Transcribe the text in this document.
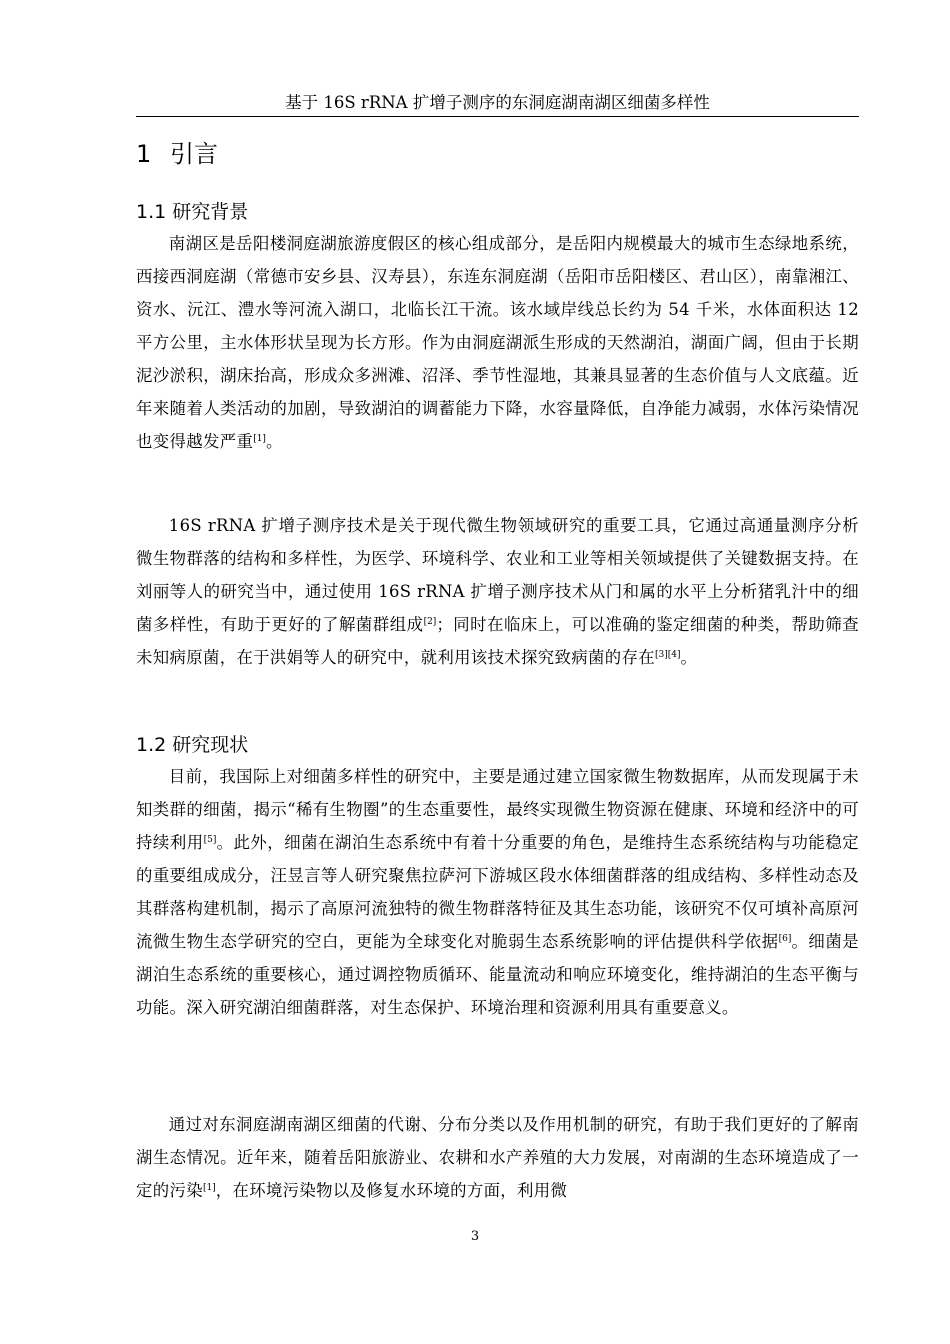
基于 16S rRNA 扩增子测序的东洞庭湖南湖区细菌多样性
1 引言
1.1 研究背景

南湖区是岳阳楼洞庭湖旅游度假区的核心组成部分，是岳阳内规模最大的城市生态绿地系统，西接西洞庭湖（常德市安乡县、汉寿县），东连东洞庭湖（岳阳市岳阳楼区、君山区），南靠湘江、资水、沅江、澧水等河流入湖口，北临长江干流。该水域岸线总长约为 54 千米，水体面积达 12 平方公里，主水体形状呈现为长方形。作为由洞庭湖派生形成的天然湖泊，湖面广阔，但由于长期泥沙淤积，湖床抬高，形成众多洲滩、沼泽、季节性湿地，其兼具显著的生态价值与人文底蕴。近年来随着人类活动的加剧，导致湖泊的调蓄能力下降，水容量降低，自净能力减弱，水体污染情况也变得越发严重[1]。

16S rRNA 扩增子测序技术是关于现代微生物领域研究的重要工具，它通过高通量测序分析微生物群落的结构和多样性，为医学、环境科学、农业和工业等相关领域提供了关键数据支持。在刘丽等人的研究当中，通过使用 16S rRNA 扩增子测序技术从门和属的水平上分析猪乳汁中的细菌多样性，有助于更好的了解菌群组成[2]；同时在临床上，可以准确的鉴定细菌的种类，帮助筛查未知病原菌，在于洪娟等人的研究中，就利用该技术探究致病菌的存在[3][4]。

1.2 研究现状

目前，我国际上对细菌多样性的研究中，主要是通过建立国家微生物数据库，从而发现属于未知类群的细菌，揭示“稀有生物圈”的生态重要性，最终实现微生物资源在健康、环境和经济中的可持续利用[5]。此外，细菌在湖泊生态系统中有着十分重要的角色，是维持生态系统结构与功能稳定的重要组成成分，汪昱言等人研究聚焦拉萨河下游城区段水体细菌群落的组成结构、多样性动态及其群落构建机制，揭示了高原河流独特的微生物群落特征及其生态功能，该研究不仅可填补高原河流微生物生态学研究的空白，更能为全球变化对脆弱生态系统影响的评估提供科学依据[6]。细菌是湖泊生态系统的重要核心，通过调控物质循环、能量流动和响应环境变化，维持湖泊的生态平衡与功能。深入研究湖泊细菌群落，对生态保护、环境治理和资源利用具有重要意义。

通过对东洞庭湖南湖区细菌的代谢、分布分类以及作用机制的研究，有助于我们更好的了解南湖生态情况。近年来，随着岳阳旅游业、农耕和水产养殖的大力发展，对南湖的生态环境造成了一定的污染[1]，在环境污染物以及修复水环境的方面，利用微

3
